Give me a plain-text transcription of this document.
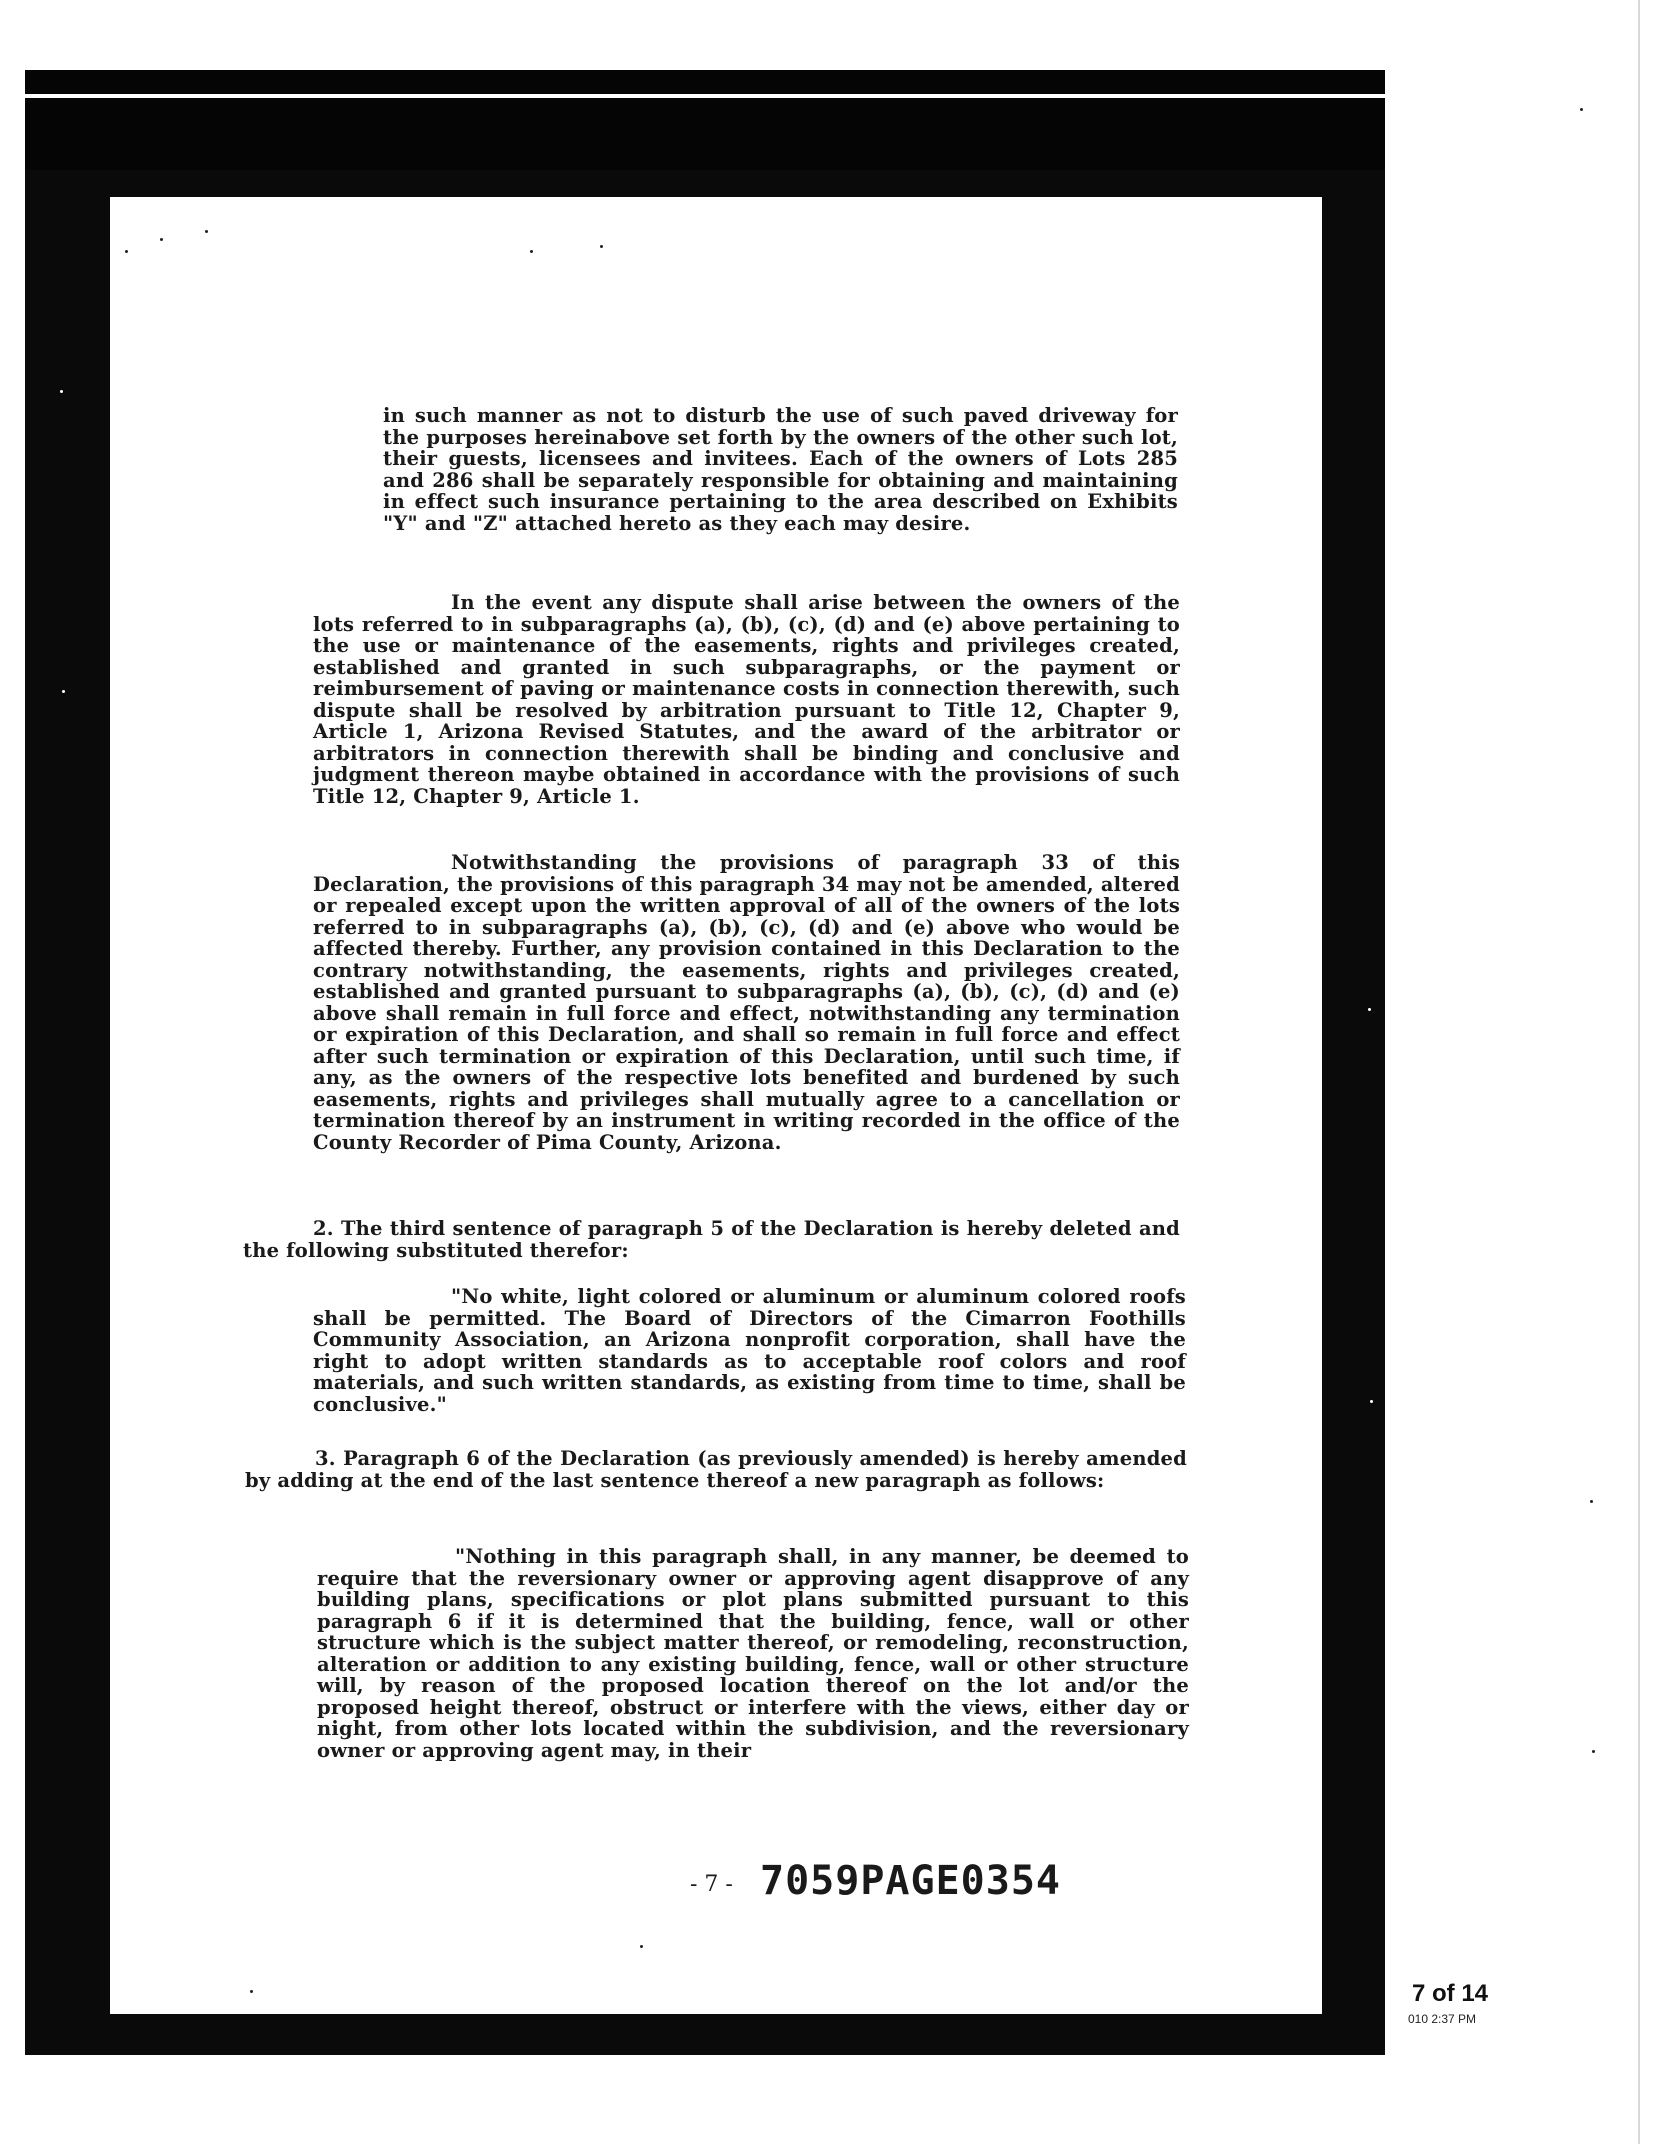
in such manner as not to disturb the use of such paved driveway for the purposes hereinabove set forth by the owners of the other such lot, their guests, licensees and invitees. Each of the owners of Lots 285 and 286 shall be separately responsible for obtaining and maintaining in effect such insurance pertaining to the area described on Exhibits "Y" and "Z" attached hereto as they each may desire.
In the event any dispute shall arise between the owners of the lots referred to in subparagraphs (a), (b), (c), (d) and (e) above pertaining to the use or maintenance of the easements, rights and privileges created, established and granted in such subparagraphs, or the payment or reimbursement of paving or maintenance costs in connection therewith, such dispute shall be resolved by arbitration pursuant to Title 12, Chapter 9, Article 1, Arizona Revised Statutes, and the award of the arbitrator or arbitrators in connection therewith shall be binding and conclusive and judgment thereon maybe obtained in accordance with the provisions of such Title 12, Chapter 9, Article 1.
Notwithstanding the provisions of paragraph 33 of this Declaration, the provisions of this paragraph 34 may not be amended, altered or repealed except upon the written approval of all of the owners of the lots referred to in subparagraphs (a), (b), (c), (d) and (e) above who would be affected thereby. Further, any provision contained in this Declaration to the contrary notwithstanding, the easements, rights and privileges created, established and granted pursuant to subparagraphs (a), (b), (c), (d) and (e) above shall remain in full force and effect, notwithstanding any termination or expiration of this Declaration, and shall so remain in full force and effect after such termination or expiration of this Declaration, until such time, if any, as the owners of the respective lots benefited and burdened by such easements, rights and privileges shall mutually agree to a cancellation or termination thereof by an instrument in writing recorded in the office of the County Recorder of Pima County, Arizona.
2. The third sentence of paragraph 5 of the Declaration is hereby deleted and the following substituted therefor:
"No white, light colored or aluminum or aluminum colored roofs shall be permitted. The Board of Directors of the Cimarron Foothills Community Association, an Arizona nonprofit corporation, shall have the right to adopt written standards as to acceptable roof colors and roof materials, and such written standards, as existing from time to time, shall be conclusive."
3. Paragraph 6 of the Declaration (as previously amended) is hereby amended by adding at the end of the last sentence thereof a new paragraph as follows:
"Nothing in this paragraph shall, in any manner, be deemed to require that the reversionary owner or approving agent disapprove of any building plans, specifications or plot plans submitted pursuant to this paragraph 6 if it is determined that the building, fence, wall or other structure which is the subject matter thereof, or remodeling, reconstruction, alteration or addition to any existing building, fence, wall or other structure will, by reason of the proposed location thereof on the lot and/or the proposed height thereof, obstruct or interfere with the views, either day or night, from other lots located within the subdivision, and the reversionary owner or approving agent may, in their
- 7 - 7059PAGE0354
7 of 14
010 2:37 PM
